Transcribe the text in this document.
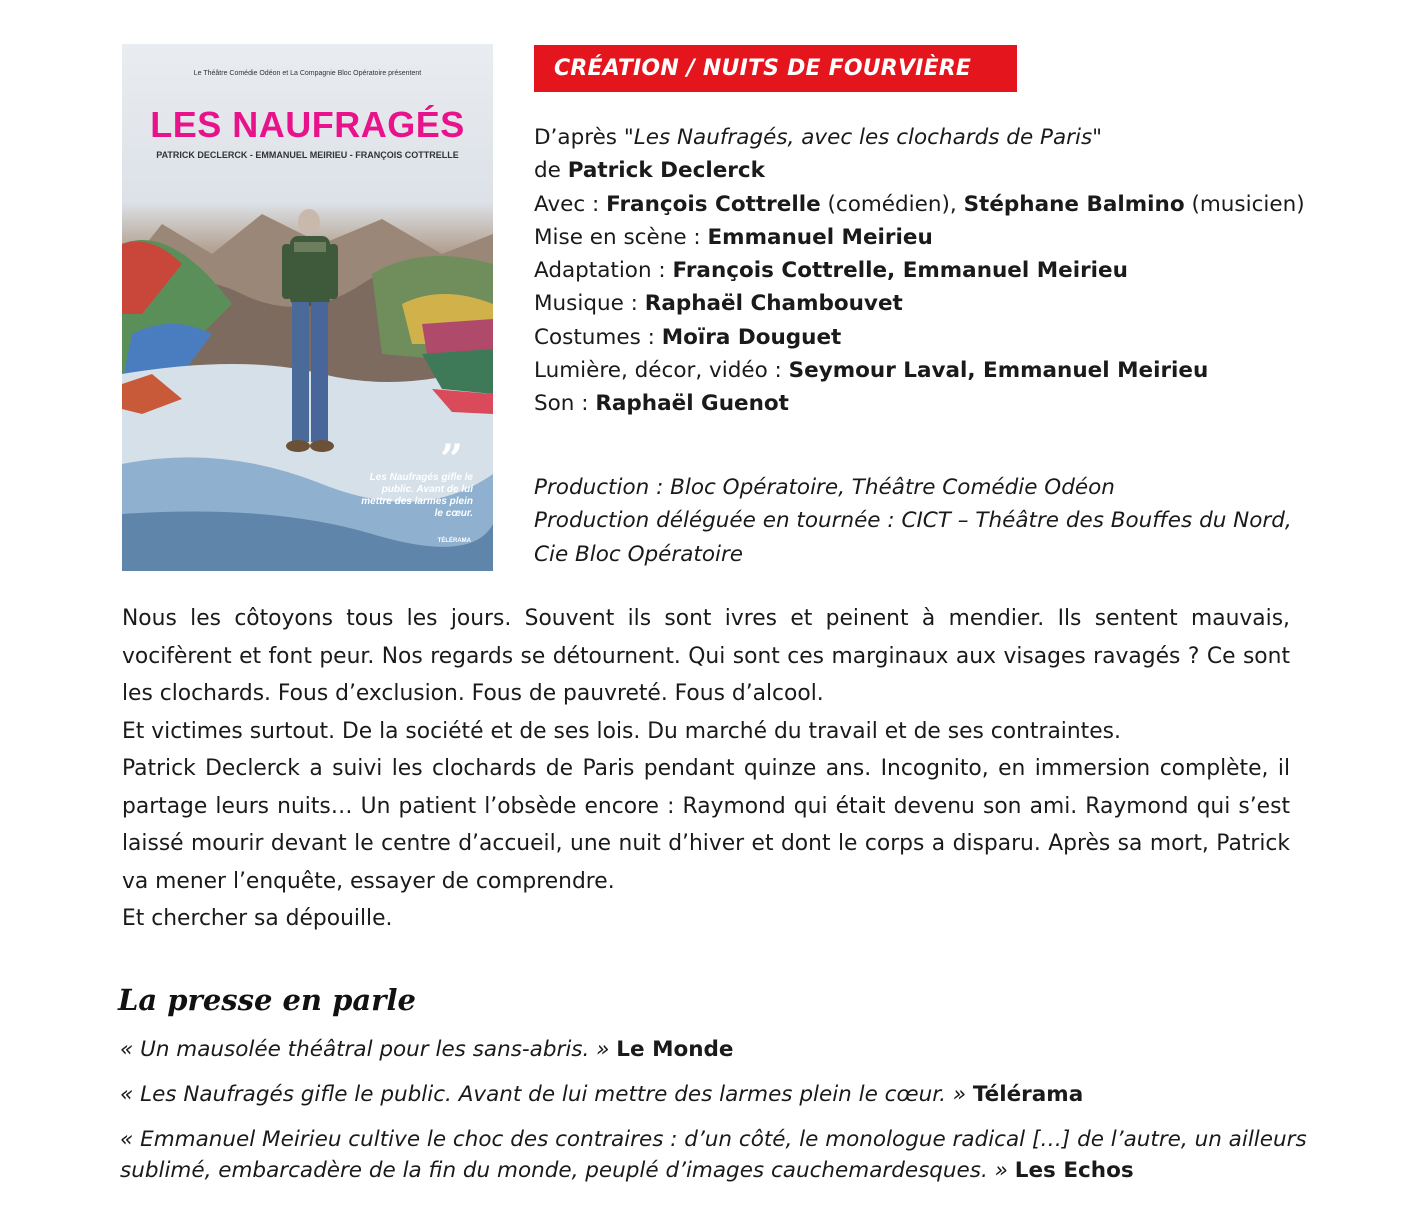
Le Théâtre Comédie Odéon et La Compagnie Bloc Opératoire présentent
LES NAUFRAGÉS
PATRICK DECLERCK - EMMANUEL MEIRIEU - FRANÇOIS COTTRELLE
”
Les Naufragés gifle le public. Avant de lui mettre des larmes plein le cœur.
TÉLÉRAMA
CRÉATION / NUITS DE FOURVIÈRE
D’après "Les Naufragés, avec les clochards de Paris"
de Patrick Declerck
Avec : François Cottrelle (comédien), Stéphane Balmino (musicien)
Mise en scène : Emmanuel Meirieu
Adaptation : François Cottrelle, Emmanuel Meirieu
Musique : Raphaël Chambouvet
Costumes : Moïra Douguet
Lumière, décor, vidéo : Seymour Laval, Emmanuel Meirieu
Son : Raphaël Guenot
Production : Bloc Opératoire, Théâtre Comédie Odéon
Production déléguée en tournée : CICT – Théâtre des Bouffes du Nord,
Cie Bloc Opératoire

Nous les côtoyons tous les jours. Souvent ils sont ivres et peinent à mendier. Ils sentent mauvais, vocifèrent et font peur. Nos regards se détournent. Qui sont ces marginaux aux visages ravagés ? Ce sont les clochards. Fous d’exclusion. Fous de pauvreté. Fous d’alcool.

Et victimes surtout. De la société et de ses lois. Du marché du travail et de ses contraintes.

Patrick Declerck a suivi les clochards de Paris pendant quinze ans. Incognito, en immersion complète, il partage leurs nuits… Un patient l’obsède encore : Raymond qui était devenu son ami. Raymond qui s’est laissé mourir devant le centre d’accueil, une nuit d’hiver et dont le corps a disparu. Après sa mort, Patrick va mener l’enquête, essayer de comprendre.

Et chercher sa dépouille.

La presse en parle
« Un mausolée théâtral pour les sans-abris. » Le Monde
« Les Naufragés gifle le public. Avant de lui mettre des larmes plein le cœur. » Télérama
« Emmanuel Meirieu cultive le choc des contraires : d’un côté, le monologue radical […] de l’autre, un ailleurs sublimé, embarcadère de la fin du monde, peuplé d’images cauchemardesques. » Les Echos
